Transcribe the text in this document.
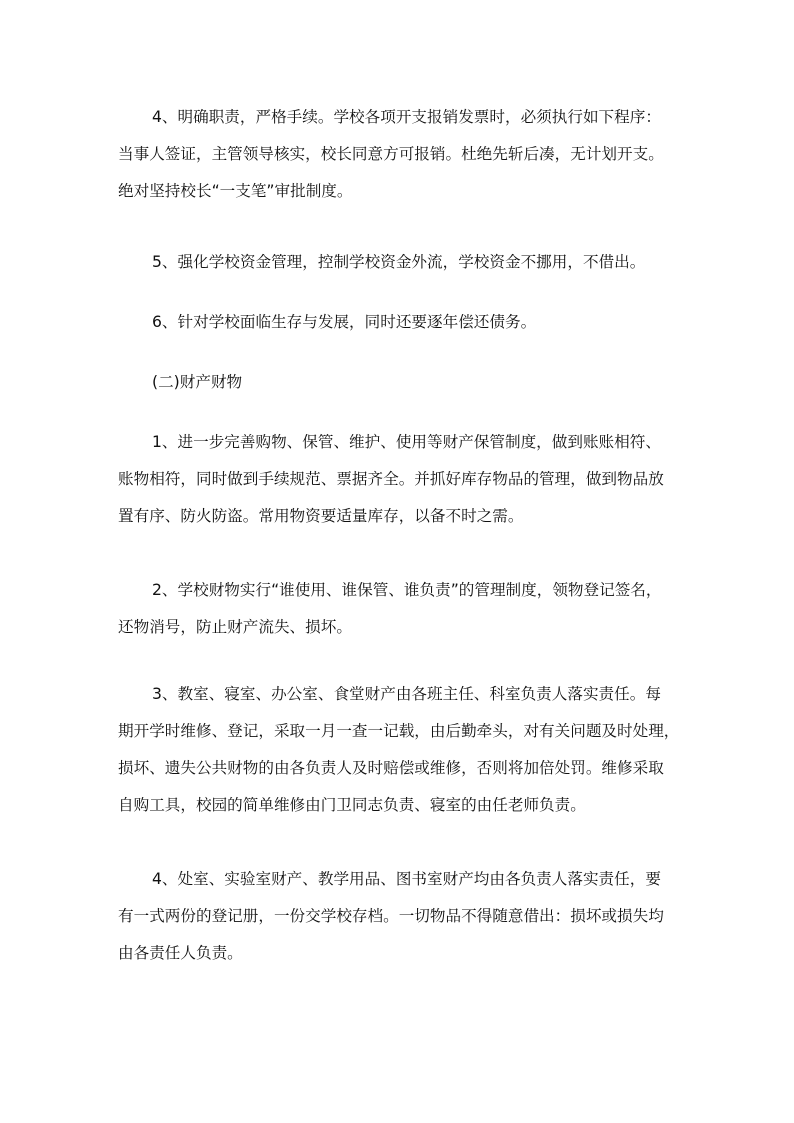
4、明确职责，严格手续。学校各项开支报销发票时，必须执行如下程序：
当事人签证，主管领导核实，校长同意方可报销。杜绝先斩后凑，无计划开支。
绝对坚持校长“一支笔”审批制度。

5、强化学校资金管理，控制学校资金外流，学校资金不挪用，不借出。

6、针对学校面临生存与发展，同时还要逐年偿还债务。

(二)财产财物

1、进一步完善购物、保管、维护、使用等财产保管制度，做到账账相符、
账物相符，同时做到手续规范、票据齐全。并抓好库存物品的管理，做到物品放
置有序、防火防盗。常用物资要适量库存，以备不时之需。

2、学校财物实行“谁使用、谁保管、谁负责”的管理制度，领物登记签名，
还物消号，防止财产流失、损坏。

3、教室、寝室、办公室、食堂财产由各班主任、科室负责人落实责任。每
期开学时维修、登记，采取一月一查一记载，由后勤牵头，对有关问题及时处理，
损坏、遗失公共财物的由各负责人及时赔偿或维修，否则将加倍处罚。维修采取
自购工具，校园的简单维修由门卫同志负责、寝室的由任老师负责。

4、处室、实验室财产、教学用品、图书室财产均由各负责人落实责任，要
有一式两份的登记册，一份交学校存档。一切物品不得随意借出：损坏或损失均
由各责任人负责。
